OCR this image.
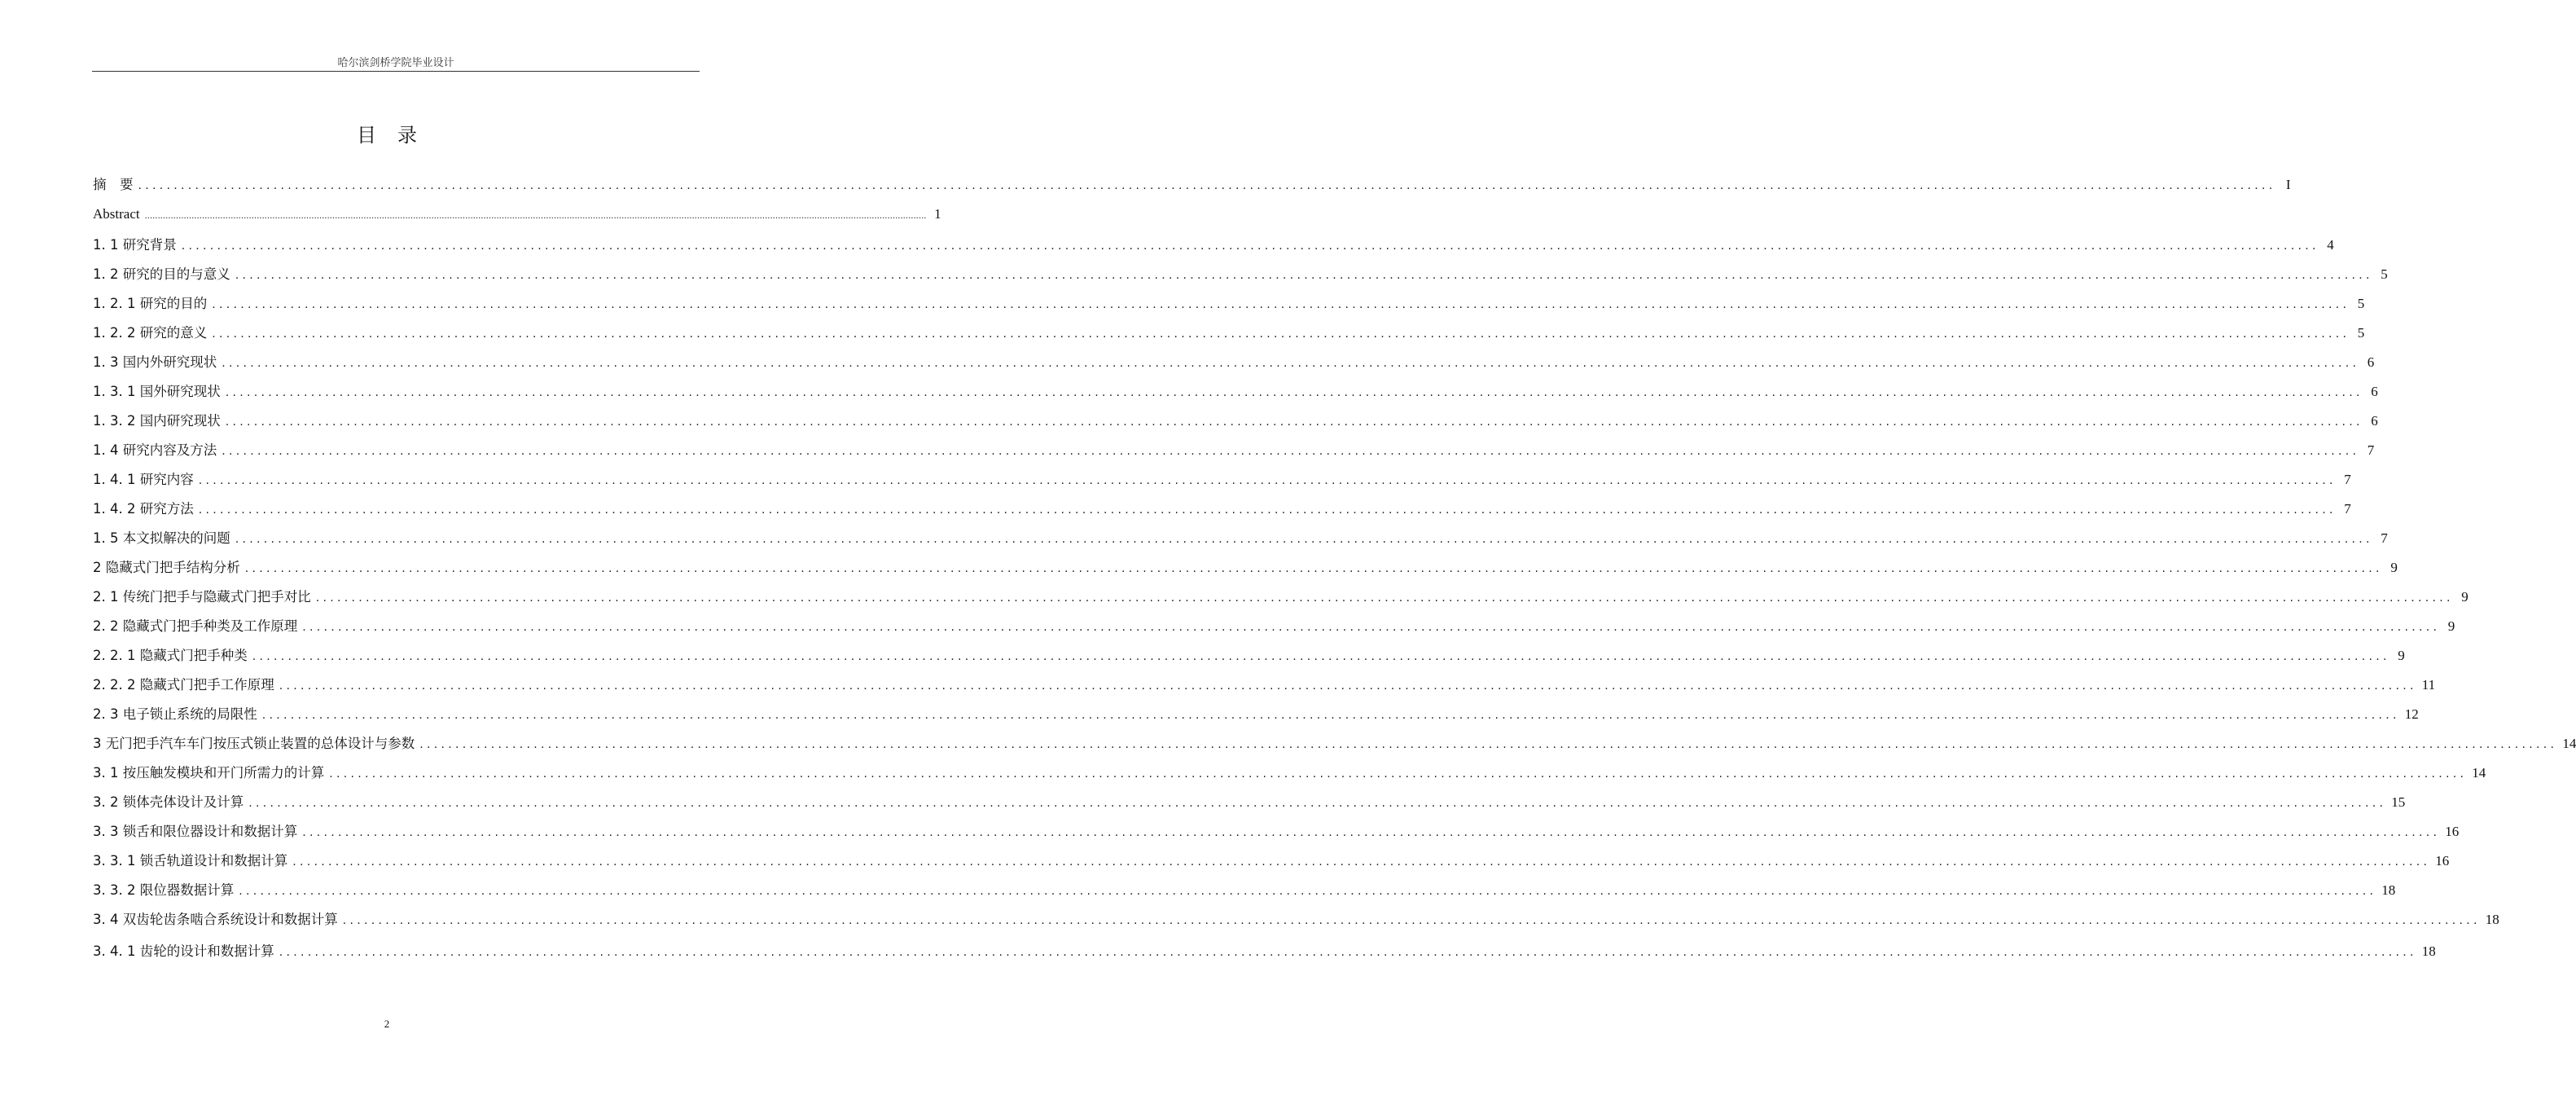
哈尔滨剑桥学院毕业设计
目录
摘　要 ............................................................................................................................................................................................................................................................................................................ I
Abstract ............................................................................................................................................................................................................................................................................................................ 1
1. 1 研究背景 ............................................................................................................................................................................................................................................................................................................ 4
1. 2 研究的目的与意义 ............................................................................................................................................................................................................................................................................................................ 5
1. 2. 1 研究的目的 ............................................................................................................................................................................................................................................................................................................ 5
1. 2. 2 研究的意义 ............................................................................................................................................................................................................................................................................................................ 5
1. 3 国内外研究现状 ............................................................................................................................................................................................................................................................................................................ 6
1. 3. 1 国外研究现状 ............................................................................................................................................................................................................................................................................................................ 6
1. 3. 2 国内研究现状 ............................................................................................................................................................................................................................................................................................................ 6
1. 4 研究内容及方法 ............................................................................................................................................................................................................................................................................................................ 7
1. 4. 1 研究内容 ............................................................................................................................................................................................................................................................................................................ 7
1. 4. 2 研究方法 ............................................................................................................................................................................................................................................................................................................ 7
1. 5 本文拟解决的问题 ............................................................................................................................................................................................................................................................................................................ 7
2 隐藏式门把手结构分析 ............................................................................................................................................................................................................................................................................................................ 9
2. 1 传统门把手与隐藏式门把手对比 ............................................................................................................................................................................................................................................................................................................ 9
2. 2 隐藏式门把手种类及工作原理 ............................................................................................................................................................................................................................................................................................................ 9
2. 2. 1 隐藏式门把手种类 ............................................................................................................................................................................................................................................................................................................ 9
2. 2. 2 隐藏式门把手工作原理 ............................................................................................................................................................................................................................................................................................................ 11
2. 3 电子锁止系统的局限性 ............................................................................................................................................................................................................................................................................................................ 12
3 无门把手汽车车门按压式锁止装置的总体设计与参数 ............................................................................................................................................................................................................................................................................................................ 14
3. 1 按压触发模块和开门所需力的计算 ............................................................................................................................................................................................................................................................................................................ 14
3. 2 锁体壳体设计及计算 ............................................................................................................................................................................................................................................................................................................ 15
3. 3 锁舌和限位器设计和数据计算 ............................................................................................................................................................................................................................................................................................................ 16
3. 3. 1 锁舌轨道设计和数据计算 ............................................................................................................................................................................................................................................................................................................ 16
3. 3. 2 限位器数据计算 ............................................................................................................................................................................................................................................................................................................ 18
3. 4 双齿轮齿条啮合系统设计和数据计算 ............................................................................................................................................................................................................................................................................................................ 18
3. 4. 1 齿轮的设计和数据计算 ............................................................................................................................................................................................................................................................................................................ 18
2
